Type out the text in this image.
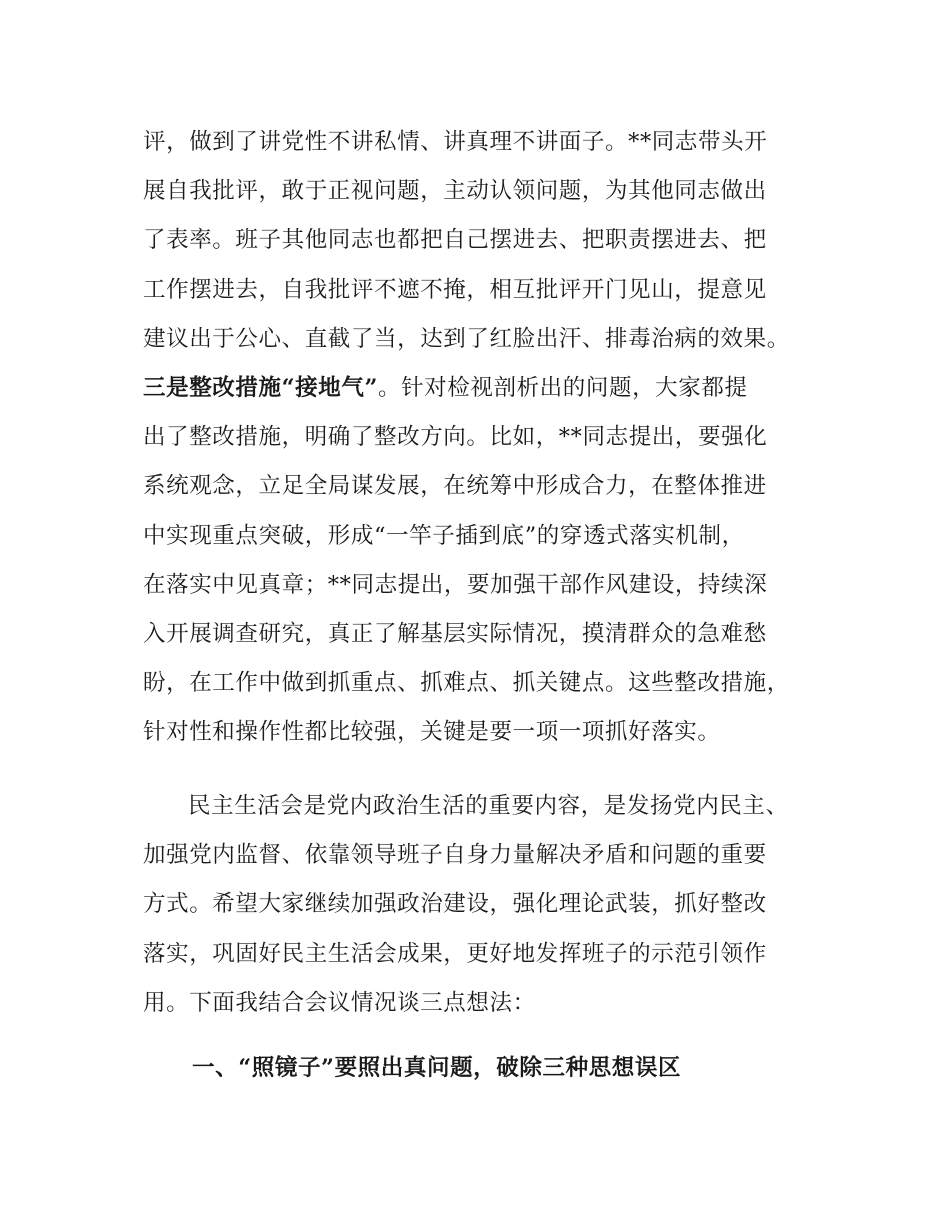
评，做到了讲党性不讲私情、讲真理不讲面子。**同志带头开
展自我批评，敢于正视问题，主动认领问题，为其他同志做出
了表率。班子其他同志也都把自己摆进去、把职责摆进去、把
工作摆进去，自我批评不遮不掩，相互批评开门见山，提意见
建议出于公心、直截了当，达到了红脸出汗、排毒治病的效果。
三是整改措施“接地气”。针对检视剖析出的问题，大家都提
出了整改措施，明确了整改方向。比如，**同志提出，要强化
系统观念，立足全局谋发展，在统筹中形成合力，在整体推进
中实现重点突破，形成“一竿子插到底”的穿透式落实机制，
在落实中见真章；**同志提出，要加强干部作风建设，持续深
入开展调查研究，真正了解基层实际情况，摸清群众的急难愁
盼，在工作中做到抓重点、抓难点、抓关键点。这些整改措施，
针对性和操作性都比较强，关键是要一项一项抓好落实。
民主生活会是党内政治生活的重要内容，是发扬党内民主、
加强党内监督、依靠领导班子自身力量解决矛盾和问题的重要
方式。希望大家继续加强政治建设，强化理论武装，抓好整改
落实，巩固好民主生活会成果，更好地发挥班子的示范引领作
用。下面我结合会议情况谈三点想法：
一、“照镜子”要照出真问题，破除三种思想误区
